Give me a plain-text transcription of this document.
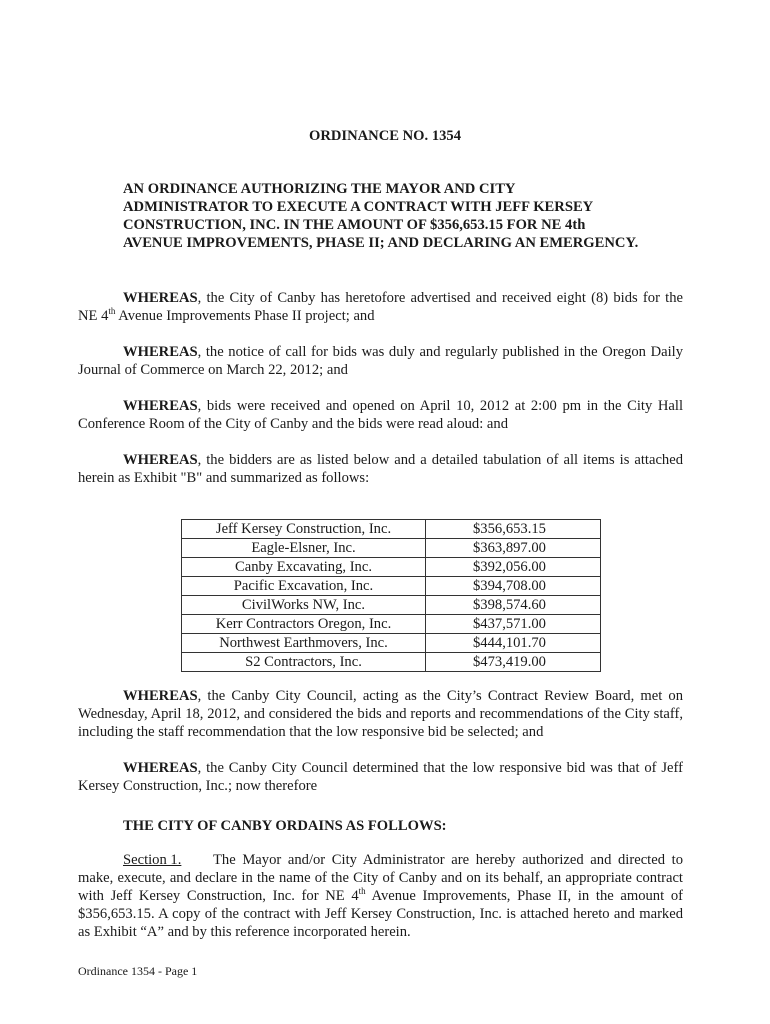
ORDINANCE NO. 1354
AN ORDINANCE AUTHORIZING THE MAYOR AND CITY
ADMINISTRATOR TO EXECUTE A CONTRACT WITH JEFF KERSEY
CONSTRUCTION, INC. IN THE AMOUNT OF $356,653.15 FOR NE 4th
AVENUE IMPROVEMENTS, PHASE II; AND DECLARING AN EMERGENCY.
WHEREAS, the City of Canby has heretofore advertised and received eight (8) bids for the NE 4th Avenue Improvements Phase II project; and
WHEREAS, the notice of call for bids was duly and regularly published in the Oregon Daily Journal of Commerce on March 22, 2012; and
WHEREAS, bids were received and opened on April 10, 2012 at 2:00 pm in the City Hall Conference Room of the City of Canby and the bids were read aloud: and
WHEREAS, the bidders are as listed below and a detailed tabulation of all items is attached herein as Exhibit "B" and summarized as follows:
Jeff Kersey Construction, Inc.	$356,653.15
Eagle-Elsner, Inc.	$363,897.00
Canby Excavating, Inc.	$392,056.00
Pacific Excavation, Inc.	$394,708.00
CivilWorks NW, Inc.	$398,574.60
Kerr Contractors Oregon, Inc.	$437,571.00
Northwest Earthmovers, Inc.	$444,101.70
S2 Contractors, Inc.	$473,419.00
WHEREAS, the Canby City Council, acting as the City’s Contract Review Board, met on Wednesday, April 18, 2012, and considered the bids and reports and recommendations of the City staff, including the staff recommendation that the low responsive bid be selected; and
WHEREAS, the Canby City Council determined that the low responsive bid was that of Jeff Kersey Construction, Inc.; now therefore
THE CITY OF CANBY ORDAINS AS FOLLOWS:
Section 1. The Mayor and/or City Administrator are hereby authorized and directed to make, execute, and declare in the name of the City of Canby and on its behalf, an appropriate contract with Jeff Kersey Construction, Inc. for NE 4th Avenue Improvements, Phase II, in the amount of $356,653.15. A copy of the contract with Jeff Kersey Construction, Inc. is attached hereto and marked as Exhibit “A” and by this reference incorporated herein.
Ordinance 1354 - Page 1
